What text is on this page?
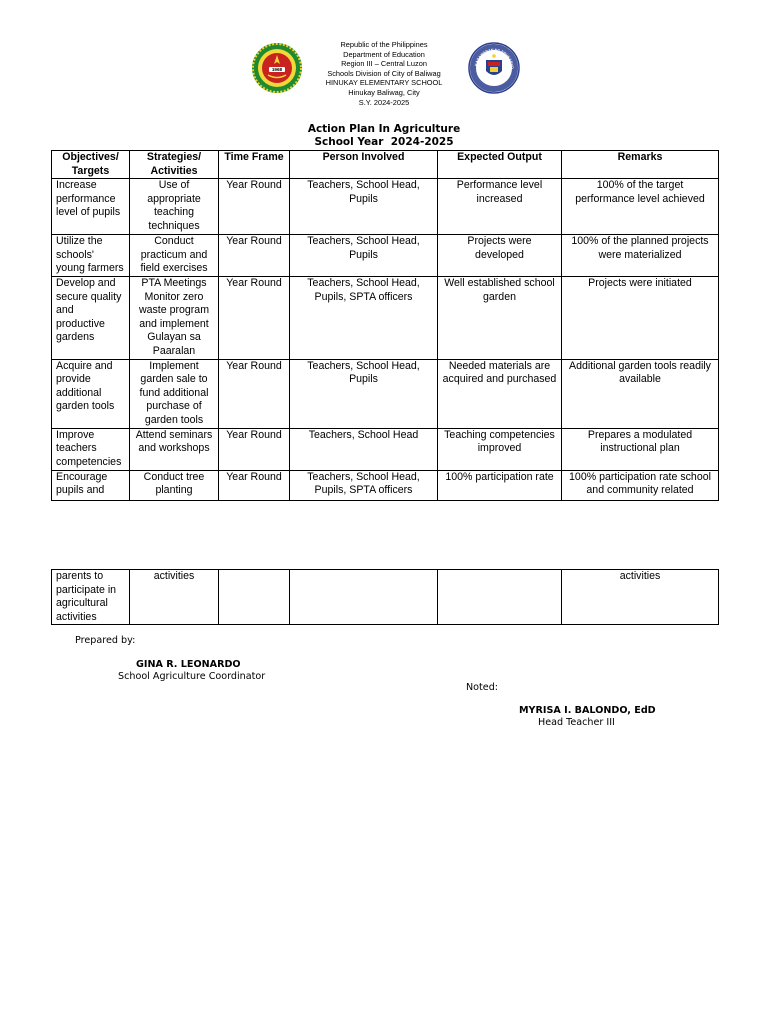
1968
Republic of the Philippines
Department of Education
Region III – Central Luzon
Schools Division of City of Baliwag
HINUKAY ELEMENTARY SCHOOL
Hinukay Baliwag, City
S.Y. 2024-2025
KAGAWARAN NG EDUKASYO
Action Plan In Agriculture
School Year  2024-2025
Objectives/ Targets	Strategies/ Activities	Time Frame	Person Involved	Expected Output	Remarks
Increase performance level of pupils	Use of appropriate teaching techniques	Year Round	Teachers, School Head, Pupils	Performance level increased	100% of the target performance level achieved
Utilize the schools' young farmers	Conduct practicum and field exercises	Year Round	Teachers, School Head, Pupils	Projects were developed	100% of the planned projects were materialized
Develop and secure quality and productive gardens	PTA Meetings Monitor zero waste program and implement Gulayan sa Paaralan	Year Round	Teachers, School Head, Pupils, SPTA officers	Well established school garden	Projects were initiated
Acquire and provide additional garden tools	Implement garden sale to fund additional purchase of garden tools	Year Round	Teachers, School Head, Pupils	Needed materials are acquired and purchased	Additional garden tools readily available
Improve teachers competencies	Attend seminars and workshops	Year Round	Teachers, School Head	Teaching competencies improved	Prepares a modulated instructional plan
Encourage pupils and	Conduct tree planting	Year Round	Teachers, School Head, Pupils, SPTA officers	100% participation rate	100% participation rate school and community related
parents to participate in agricultural activities	activities				activities
Prepared by:
GINA R. LEONARDO
School Agriculture Coordinator
Noted:
MYRISA I. BALONDO, EdD
Head Teacher III
